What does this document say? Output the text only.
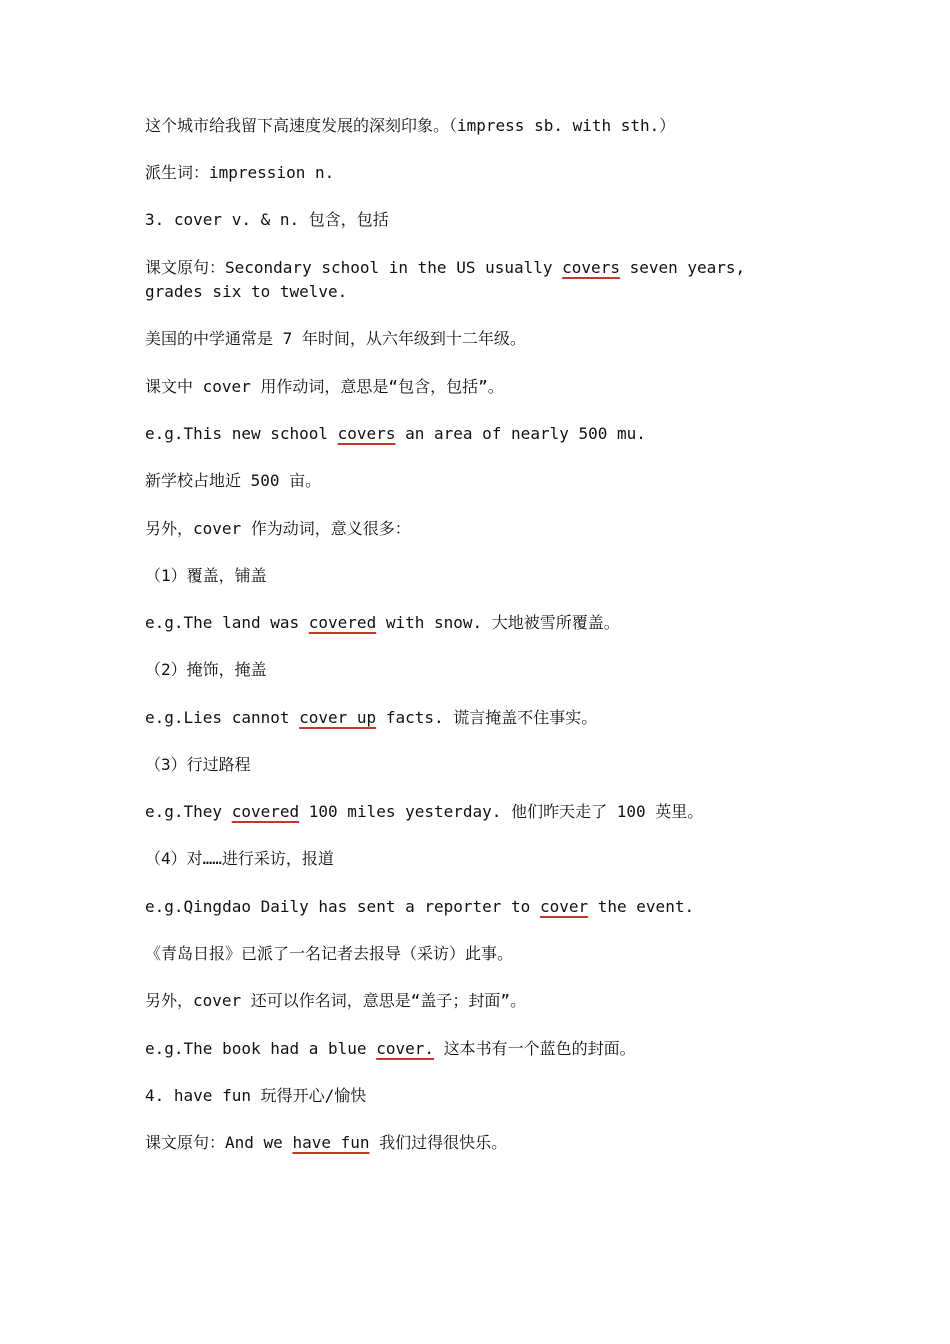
这个城市给我留下高速度发展的深刻印象。（impress sb. with sth.）
派生词：impression n.
3. cover v. & n. 包含，包括
课文原句：Secondary school in the US usually covers seven years, grades six to twelve.
美国的中学通常是 7 年时间，从六年级到十二年级。
课文中 cover 用作动词，意思是“包含，包括”。
e.g.This new school covers an area of nearly 500 mu.
新学校占地近 500 亩。
另外，cover 作为动词，意义很多：
（1）覆盖，铺盖
e.g.The land was covered with snow. 大地被雪所覆盖。
（2）掩饰，掩盖
e.g.Lies cannot cover up facts. 谎言掩盖不住事实。
（3）行过路程
e.g.They covered 100 miles yesterday. 他们昨天走了 100 英里。
（4）对……进行采访，报道
e.g.Qingdao Daily has sent a reporter to cover the event.
《青岛日报》已派了一名记者去报导（采访）此事。
另外，cover 还可以作名词，意思是“盖子；封面”。
e.g.The book had a blue cover. 这本书有一个蓝色的封面。
4. have fun 玩得开心/愉快
课文原句：And we have fun 我们过得很快乐。
